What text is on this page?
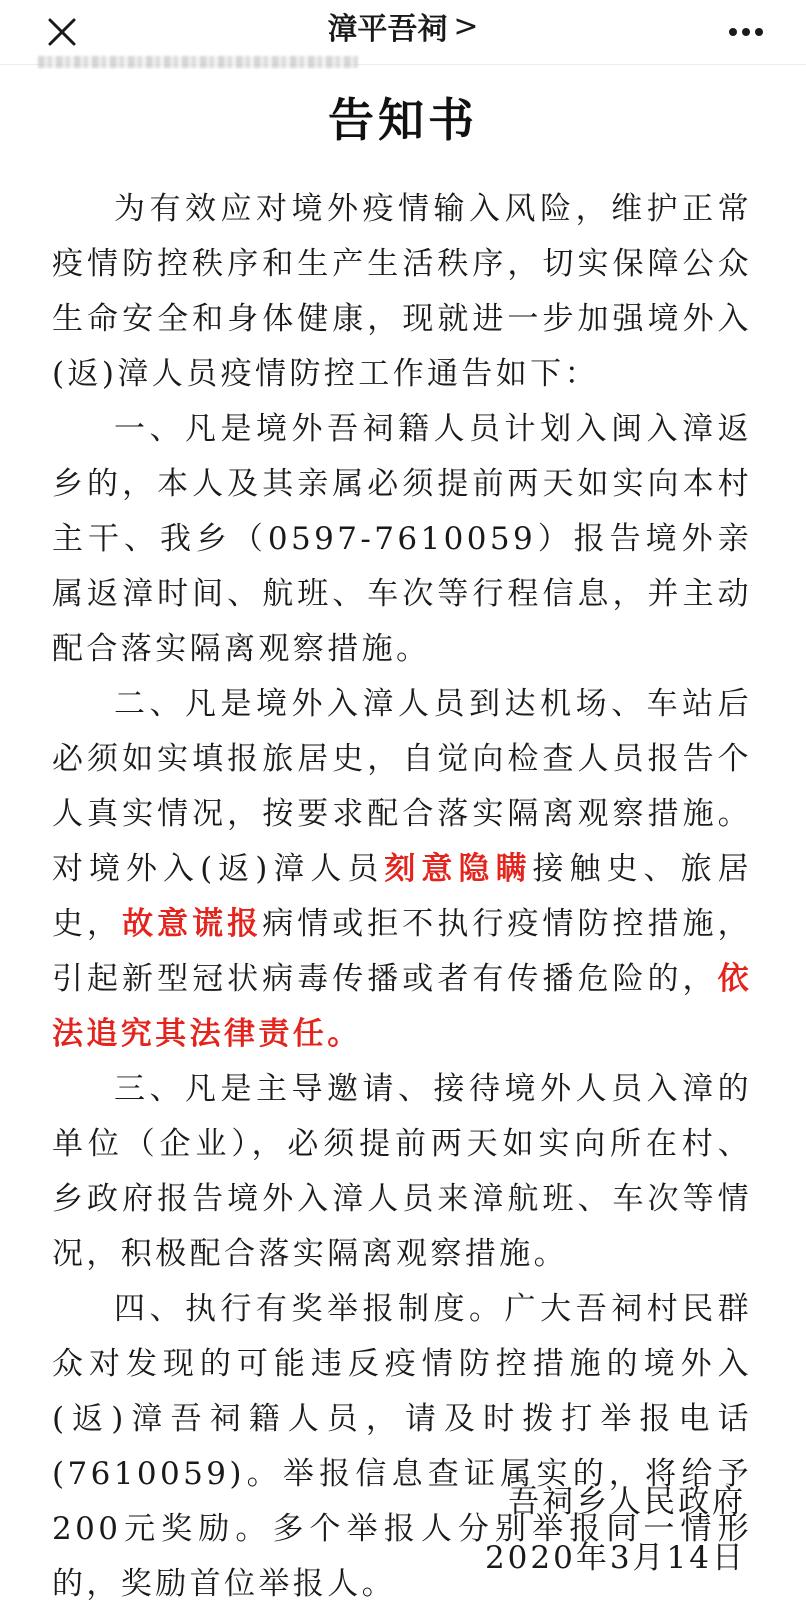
漳平吾祠 >
告知书

为有效应对境外疫情输入风险，维护正常疫情防控秩序和生产生活秩序，切实保障公众生命安全和身体健康，现就进一步加强境外入(返)漳人员疫情防控工作通告如下：

一、凡是境外吾祠籍人员计划入闽入漳返乡的，本人及其亲属必须提前两天如实向本村主干、我乡（0597-7610059）报告境外亲属返漳时间、航班、车次等行程信息，并主动配合落实隔离观察措施。

二、凡是境外入漳人员到达机场、车站后必须如实填报旅居史，自觉向检查人员报告个人真实情况，按要求配合落实隔离观察措施。对境外入(返)漳人员刻意隐瞒接触史、旅居史，故意谎报病情或拒不执行疫情防控措施，引起新型冠状病毒传播或者有传播危险的，依法追究其法律责任。

三、凡是主导邀请、接待境外人员入漳的单位（企业），必须提前两天如实向所在村、乡政府报告境外入漳人员来漳航班、车次等情况，积极配合落实隔离观察措施。

四、执行有奖举报制度。广大吾祠村民群众对发现的可能违反疫情防控措施的境外入(返)漳吾祠籍人员，请及时拨打举报电话(7610059)。举报信息查证属实的，将给予200元奖励。多个举报人分别举报同一情形的，奖励首位举报人。

吾祠乡人民政府
2020年3月14日
